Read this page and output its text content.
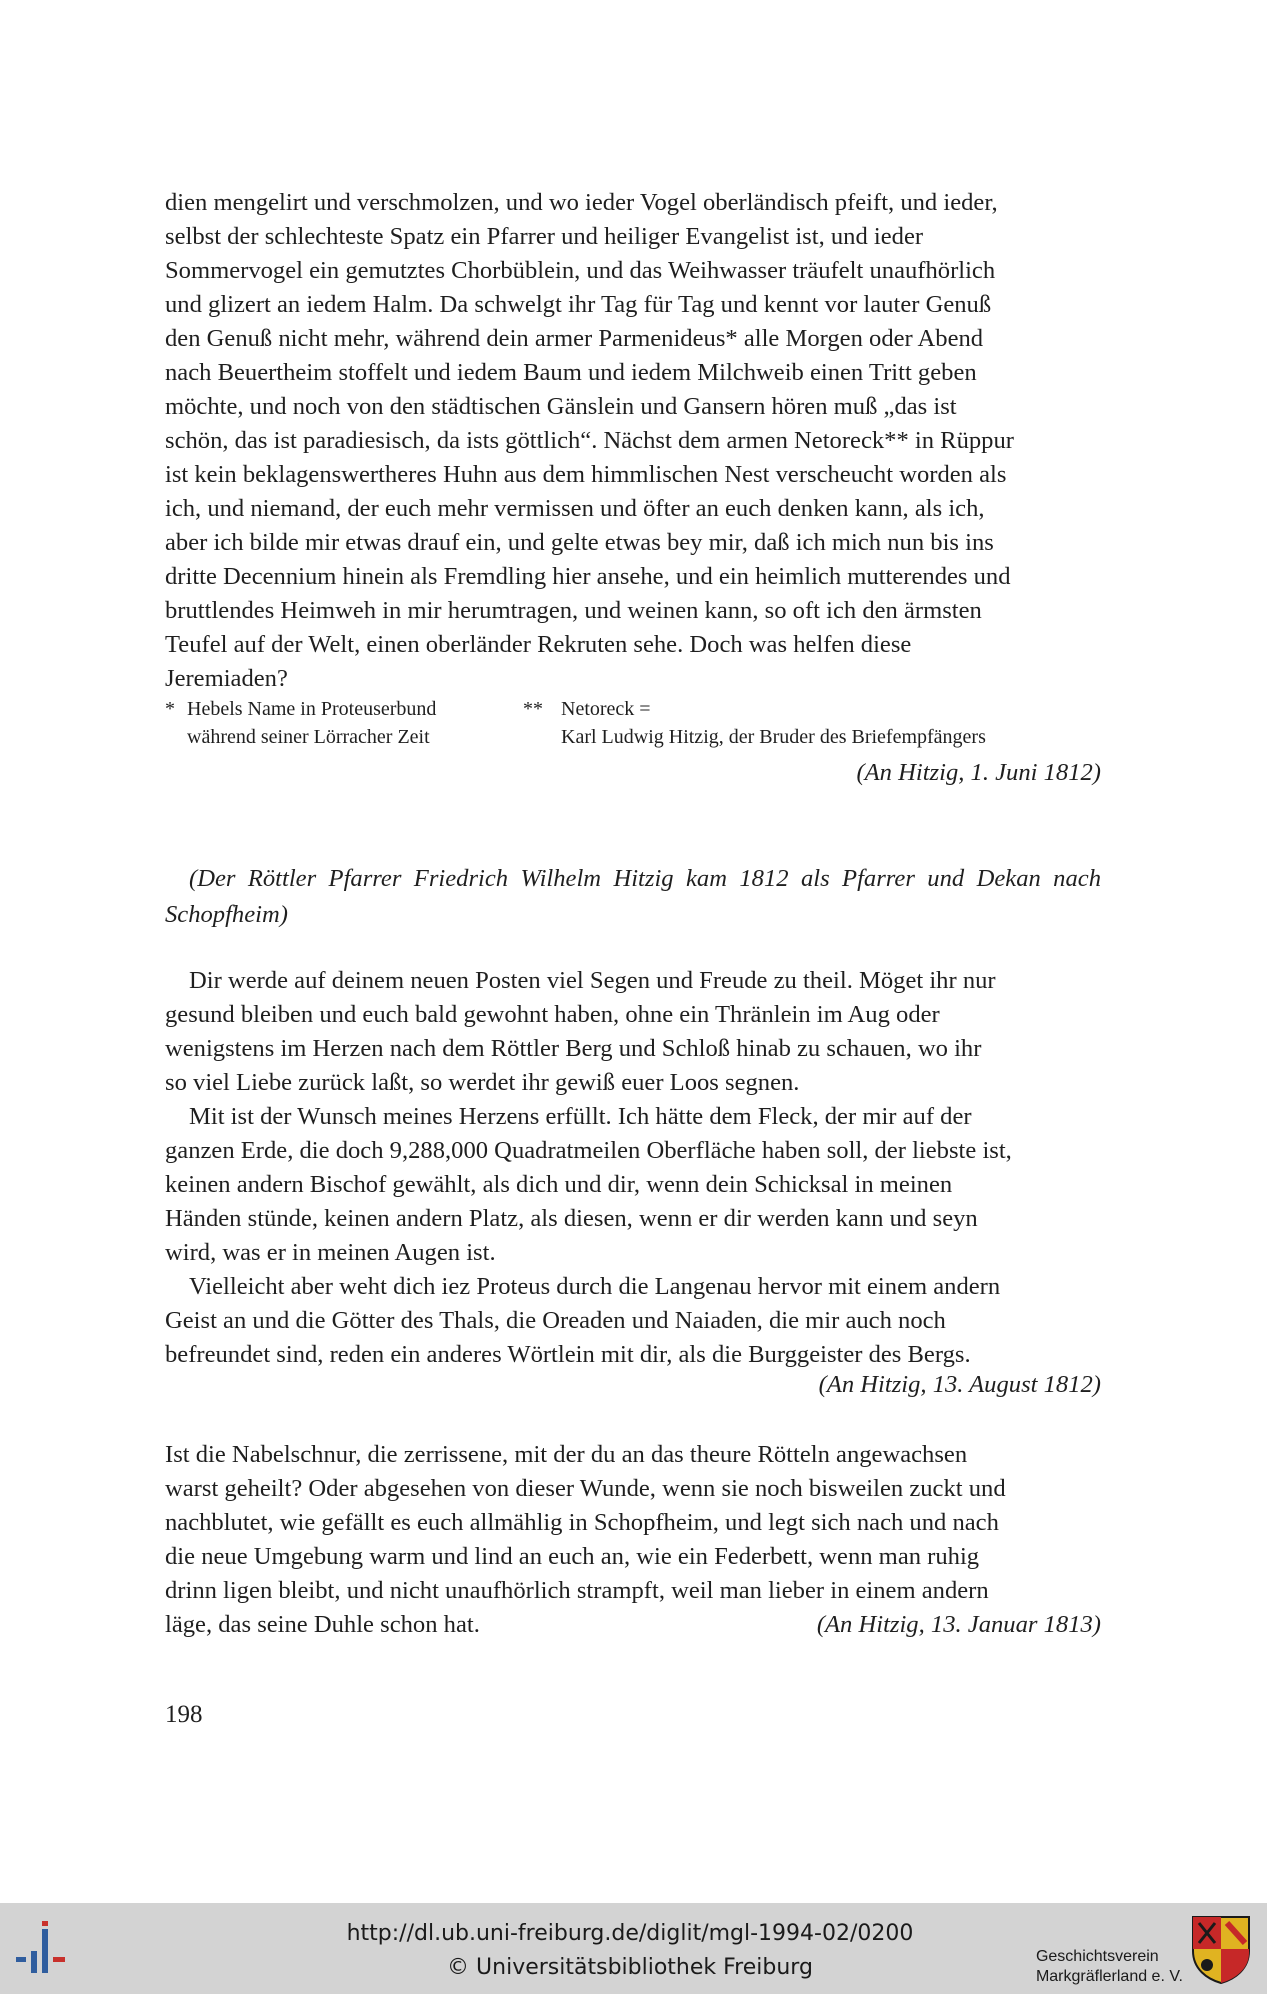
dien mengelirt und verschmolzen, und wo ieder Vogel oberländisch pfeift, und ieder,
selbst der schlechteste Spatz ein Pfarrer und heiliger Evangelist ist, und ieder
Sommervogel ein gemutztes Chorbüblein, und das Weihwasser träufelt unaufhörlich
und glizert an iedem Halm. Da schwelgt ihr Tag für Tag und kennt vor lauter Genuß
den Genuß nicht mehr, während dein armer Parmenideus* alle Morgen oder Abend
nach Beuertheim stoffelt und iedem Baum und iedem Milchweib einen Tritt geben
möchte, und noch von den städtischen Gänslein und Gansern hören muß „das ist
schön, das ist paradiesisch, da ists göttlich“. Nächst dem armen Netoreck** in Rüppur
ist kein beklagenswertheres Huhn aus dem himmlischen Nest verscheucht worden als
ich, und niemand, der euch mehr vermissen und öfter an euch denken kann, als ich,
aber ich bilde mir etwas drauf ein, und gelte etwas bey mir, daß ich mich nun bis ins
dritte Decennium hinein als Fremdling hier ansehe, und ein heimlich mutterendes und
bruttlendes Heimweh in mir herumtragen, und weinen kann, so oft ich den ärmsten
Teufel auf der Welt, einen oberländer Rekruten sehe. Doch was helfen diese
Jeremiaden?
* Hebels Name in Proteuserbund
während seiner Lörracher Zeit
** Netoreck =
Karl Ludwig Hitzig, der Bruder des Briefempfängers
(An Hitzig, 1. Juni 1812)
(Der Röttler Pfarrer Friedrich Wilhelm Hitzig kam 1812 als Pfarrer und Dekan nach Schopfheim)
Dir werde auf deinem neuen Posten viel Segen und Freude zu theil. Möget ihr nur
gesund bleiben und euch bald gewohnt haben, ohne ein Thränlein im Aug oder
wenigstens im Herzen nach dem Röttler Berg und Schloß hinab zu schauen, wo ihr
so viel Liebe zurück laßt, so werdet ihr gewiß euer Loos segnen.
Mit ist der Wunsch meines Herzens erfüllt. Ich hätte dem Fleck, der mir auf der
ganzen Erde, die doch 9,288,000 Quadratmeilen Oberfläche haben soll, der liebste ist,
keinen andern Bischof gewählt, als dich und dir, wenn dein Schicksal in meinen
Händen stünde, keinen andern Platz, als diesen, wenn er dir werden kann und seyn
wird, was er in meinen Augen ist.
Vielleicht aber weht dich iez Proteus durch die Langenau hervor mit einem andern
Geist an und die Götter des Thals, die Oreaden und Naiaden, die mir auch noch
befreundet sind, reden ein anderes Wörtlein mit dir, als die Burggeister des Bergs.
(An Hitzig, 13. August 1812)
Ist die Nabelschnur, die zerrissene, mit der du an das theure Rötteln angewachsen
warst geheilt? Oder abgesehen von dieser Wunde, wenn sie noch bisweilen zuckt und
nachblutet, wie gefällt es euch allmählig in Schopfheim, und legt sich nach und nach
die neue Umgebung warm und lind an euch an, wie ein Federbett, wenn man ruhig
drinn ligen bleibt, und nicht unaufhörlich strampft, weil man lieber in einem andern
läge, das seine Duhle schon hat.	(An Hitzig, 13. Januar 1813)
198
http://dl.ub.uni-freiburg.de/diglit/mgl-1994-02/0200
© Universitätsbibliothek Freiburg	Geschichtsverein
Markgräflerland e. V.
